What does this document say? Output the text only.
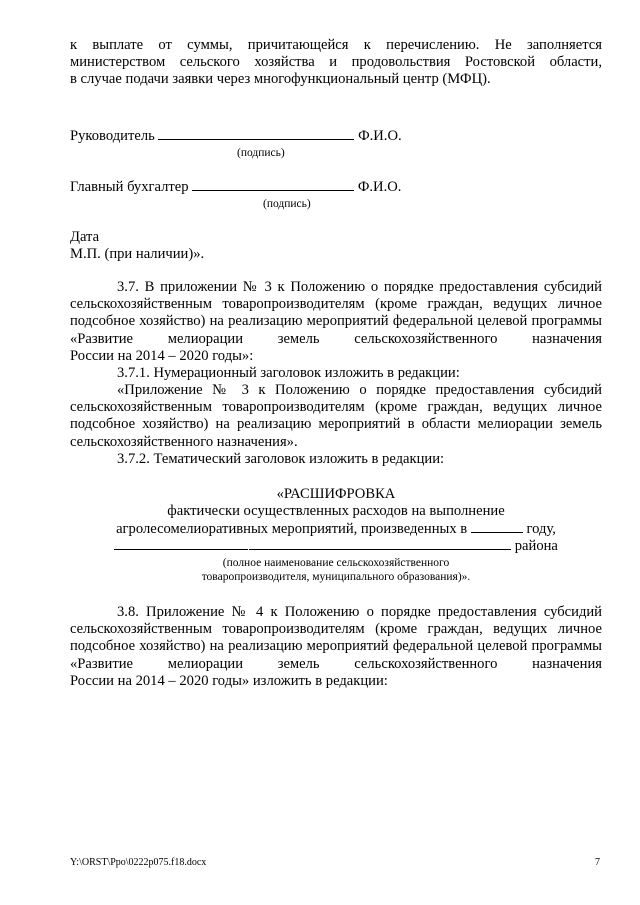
к выплате от суммы, причитающейся к перечислению. Не заполняется министерством сельского хозяйства и продовольствия Ростовской области,
в случае подачи заявки через многофункциональный центр (МФЦ).
Руководитель	Ф.И.О.
(подпись)
Главный бухгалтер	Ф.И.О.
(подпись)
Дата
М.П. (при наличии)».
3.7. В приложении № 3 к Положению о порядке предоставления субсидий сельскохозяйственным товаропроизводителям (кроме граждан, ведущих личное подсобное хозяйство) на реализацию мероприятий федеральной целевой программы «Развитие мелиорации земель сельскохозяйственного назначения
России на 2014 – 2020 годы»:
3.7.1. Нумерационный заголовок изложить в редакции:
«Приложение № 3 к Положению о порядке предоставления субсидий сельскохозяйственным товаропроизводителям (кроме граждан, ведущих личное подсобное хозяйство) на реализацию мероприятий в области мелиорации земель
сельскохозяйственного назначения».
3.7.2. Тематический заголовок изложить в редакции:
«РАСШИФРОВКА
фактически осуществленных расходов на выполнение
агролесомелиоративных мероприятий, произведенных в	году,
района
(полное наименование сельскохозяйственного
товаропроизводителя, муниципального образования)».
3.8. Приложение № 4 к Положению о порядке предоставления субсидий сельскохозяйственным товаропроизводителям (кроме граждан, ведущих личное подсобное хозяйство) на реализацию мероприятий федеральной целевой программы «Развитие мелиорации земель сельскохозяйственного назначения
России на 2014 – 2020 годы» изложить в редакции:
Y:\ORST\Ppo\0222p075.f18.docx	7
